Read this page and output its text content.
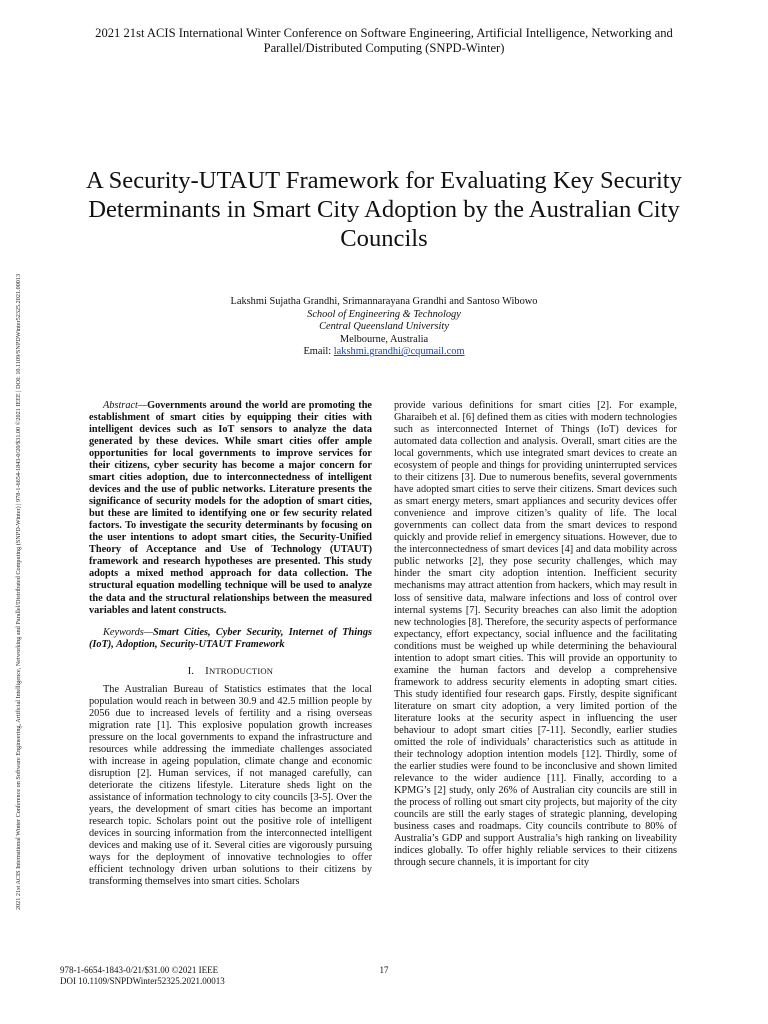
2021 21st ACIS International Winter Conference on Software Engineering, Artificial Intelligence, Networking and Parallel/Distributed Computing (SNPD-Winter)
2021 21st ACIS International Winter Conference on Software Engineering, Artificial Intelligence, Networking and Parallel/Distributed Computing (SNPD-Winter) | 978-1-6654-1843-0/20/$31.00 ©2021 IEEE | DOI: 10.1109/SNPDWinter52325.2021.00013
A Security-UTAUT Framework for Evaluating Key Security Determinants in Smart City Adoption by the Australian City Councils
Lakshmi Sujatha Grandhi, Srimannarayana Grandhi and Santoso Wibowo
School of Engineering & Technology
Central Queensland University
Melbourne, Australia
Email: lakshmi.grandhi@cqumail.com

Abstract—Governments around the world are promoting the establishment of smart cities by equipping their cities with intelligent devices such as IoT sensors to analyze the data generated by these devices. While smart cities offer ample opportunities for local governments to improve services for their citizens, cyber security has become a major concern for smart cities adoption, due to interconnectedness of intelligent devices and the use of public networks. Literature presents the significance of security models for the adoption of smart cities, but these are limited to identifying one or few security related factors. To investigate the security determinants by focusing on the user intentions to adopt smart cities, the Security-Unified Theory of Acceptance and Use of Technology (UTAUT) framework and research hypotheses are presented. This study adopts a mixed method approach for data collection. The structural equation modelling technique will be used to analyze the data and the structural relationships between the measured variables and latent constructs.

Keywords—Smart Cities, Cyber Security, Internet of Things (IoT), Adoption, Security-UTAUT Framework

I. INTRODUCTION

The Australian Bureau of Statistics estimates that the local population would reach in between 30.9 and 42.5 million people by 2056 due to increased levels of fertility and a rising overseas migration rate [1]. This explosive population growth increases pressure on the local governments to expand the infrastructure and resources while addressing the immediate challenges associated with increase in ageing population, climate change and economic disruption [2]. Human services, if not managed carefully, can deteriorate the citizens lifestyle. Literature sheds light on the assistance of information technology to city councils [3-5]. Over the years, the development of smart cities has become an important research topic. Scholars point out the positive role of intelligent devices in sourcing information from the interconnected intelligent devices and making use of it. Several cities are vigorously pursuing ways for the deployment of innovative technologies to offer efficient technology driven urban solutions to their citizens by transforming themselves into smart cities. Scholars

provide various definitions for smart cities [2]. For example, Gharaibeh et al. [6] defined them as cities with modern technologies such as interconnected Internet of Things (IoT) devices for automated data collection and analysis. Overall, smart cities are the local governments, which use integrated smart devices to create an ecosystem of people and things for providing uninterrupted services to their citizens [3]. Due to numerous benefits, several governments have adopted smart cities to serve their citizens. Smart devices such as smart energy meters, smart appliances and security devices offer convenience and improve citizen’s quality of life. The local governments can collect data from the smart devices to respond quickly and provide relief in emergency situations. However, due to the interconnectedness of smart devices [4] and data mobility across public networks [2], they pose security challenges, which may hinder the smart city adoption intention. Inefficient security mechanisms may attract attention from hackers, which may result in loss of sensitive data, malware infections and loss of control over internal systems [7]. Security breaches can also limit the adoption new technologies [8]. Therefore, the security aspects of performance expectancy, effort expectancy, social influence and the facilitating conditions must be weighed up while determining the behavioural intention to adopt smart cities. This will provide an opportunity to examine the human factors and develop a comprehensive framework to address security elements in adopting smart cities. This study identified four research gaps. Firstly, despite significant literature on smart city adoption, a very limited portion of the literature looks at the security aspect in influencing the user behaviour to adopt smart cities [7-11]. Secondly, earlier studies omitted the role of individuals’ characteristics such as attitude in their technology adoption intention models [12]. Thirdly, some of the earlier studies were found to be inconclusive and shown limited relevance to the wider audience [11]. Finally, according to a KPMG’s [2] study, only 26% of Australian city councils are still in the process of rolling out smart city projects, but majority of the city councils are still the early stages of strategic planning, developing business cases and roadmaps. City councils contribute to 80% of Australia’s GDP and support Australia’s high ranking on liveability indices globally. To offer highly reliable services to their citizens through secure channels, it is important for city

978-1-6654-1843-0/21/$31.00 ©2021 IEEE
DOI 10.1109/SNPDWinter52325.2021.00013
17
